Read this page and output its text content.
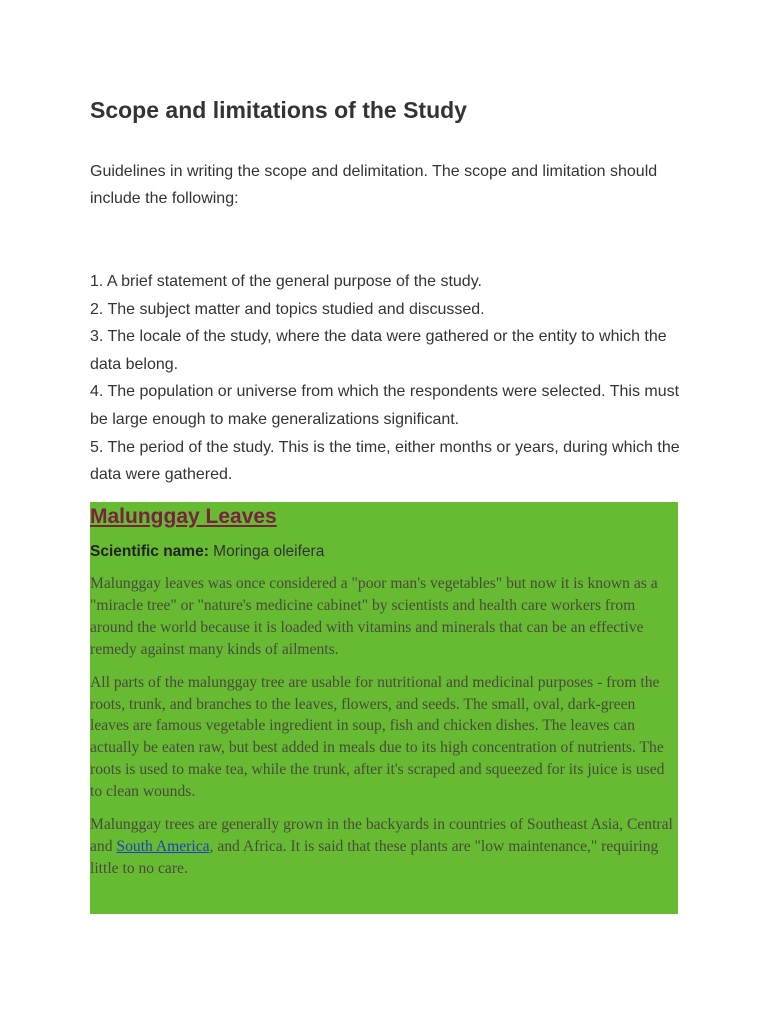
Scope and limitations of the Study

Guidelines in writing the scope and delimitation. The scope and limitation should include the following:

1. A brief statement of the general purpose of the study.

2. The subject matter and topics studied and discussed.

3. The locale of the study, where the data were gathered or the entity to which the data belong.

4. The population or universe from which the respondents were selected. This must be large enough to make generalizations significant.

5. The period of the study. This is the time, either months or years, during which the data were gathered.

Malunggay Leaves

Scientific name: Moringa oleifera

Malunggay leaves was once considered a "poor man's vegetables" but now it is known as a "miracle tree" or "nature's medicine cabinet" by scientists and health care workers from around the world because it is loaded with vitamins and minerals that can be an effective remedy against many kinds of ailments.

All parts of the malunggay tree are usable for nutritional and medicinal purposes - from the roots, trunk, and branches to the leaves, flowers, and seeds. The small, oval, dark-green leaves are famous vegetable ingredient in soup, fish and chicken dishes. The leaves can actually be eaten raw, but best added in meals due to its high concentration of nutrients. The roots is used to make tea, while the trunk, after it's scraped and squeezed for its juice is used to clean wounds.

Malunggay trees are generally grown in the backyards in countries of Southeast Asia, Central and South America, and Africa. It is said that these plants are "low maintenance," requiring little to no care.
